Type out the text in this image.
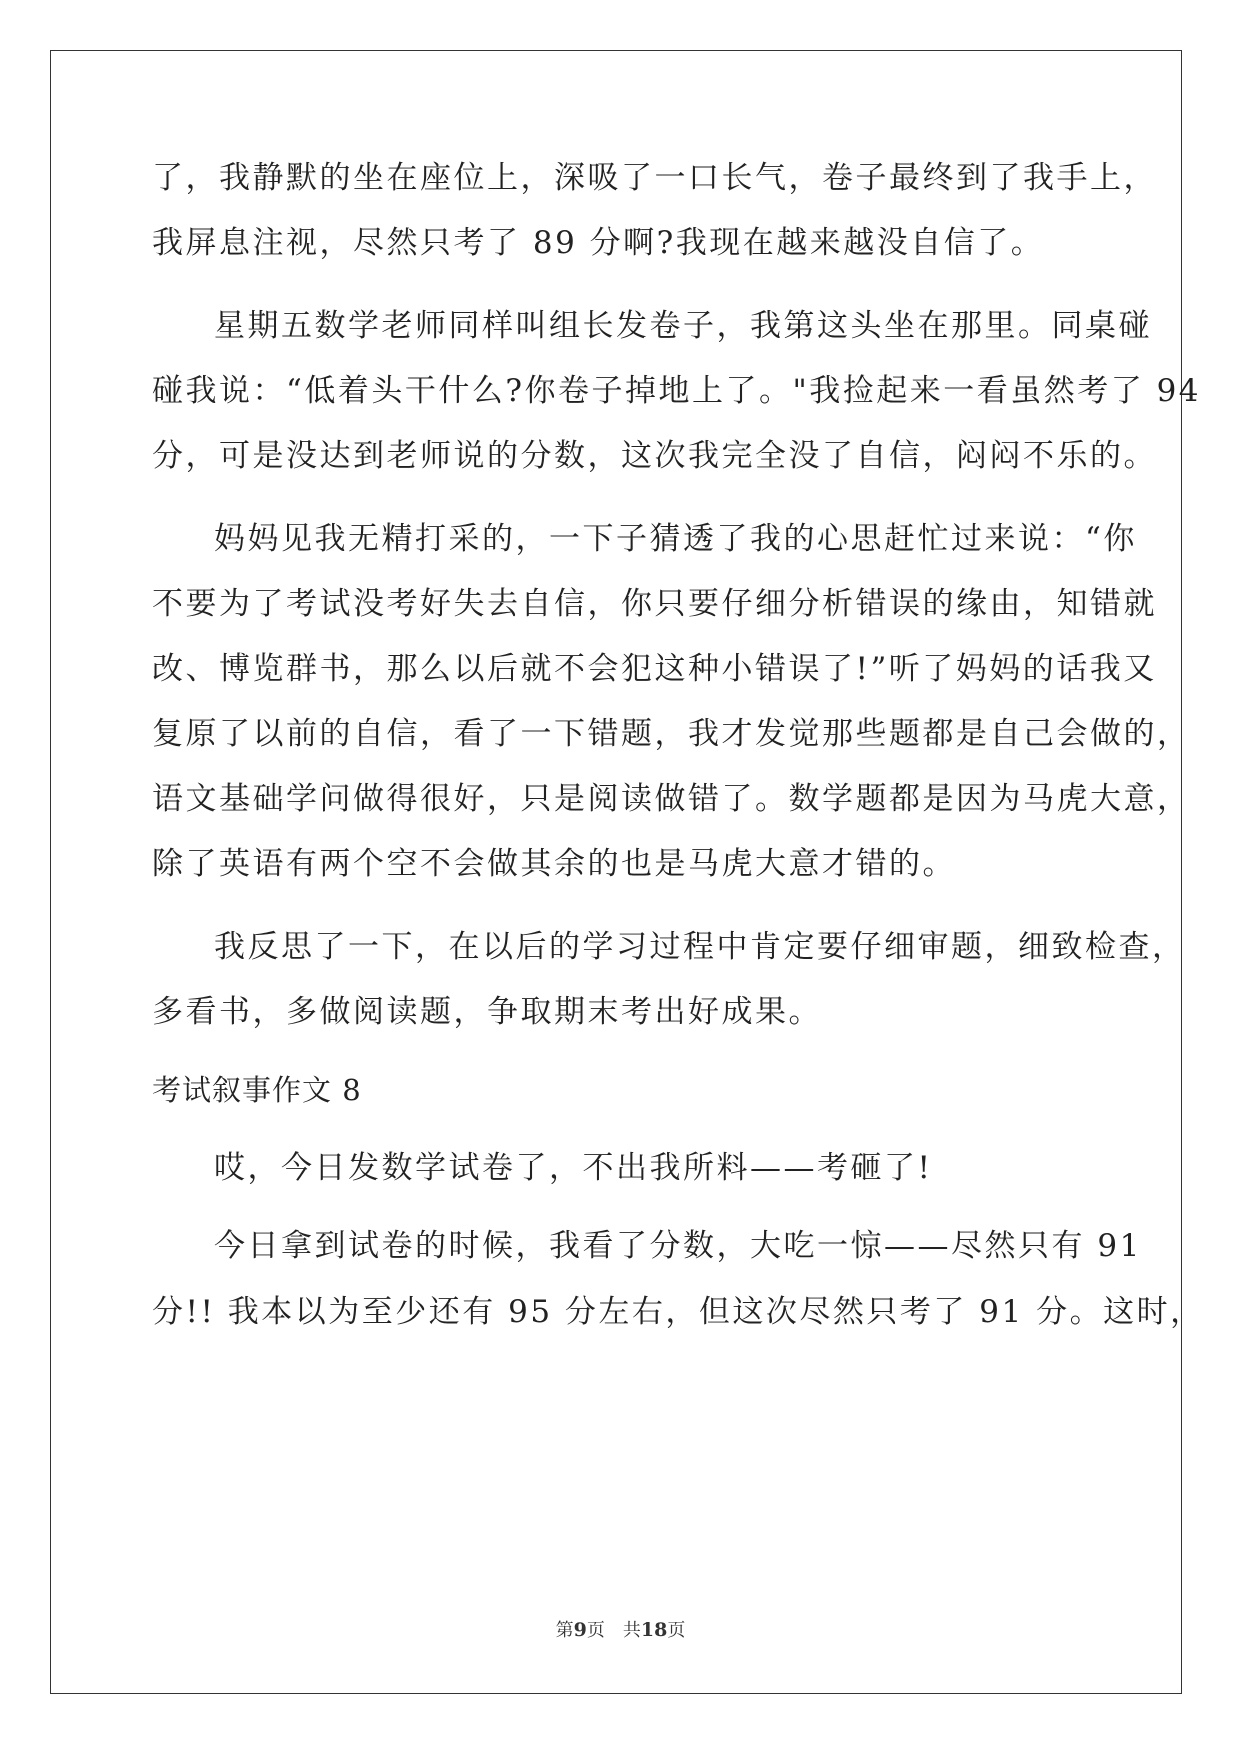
了，我静默的坐在座位上，深吸了一口长气，卷子最终到了我手上，
我屏息注视，尽然只考了 89 分啊?我现在越来越没自信了。
星期五数学老师同样叫组长发卷子，我第这头坐在那里。同桌碰
碰我说：“低着头干什么?你卷子掉地上了。"我捡起来一看虽然考了 94
分，可是没达到老师说的分数，这次我完全没了自信，闷闷不乐的。
妈妈见我无精打采的，一下子猜透了我的心思赶忙过来说：“你
不要为了考试没考好失去自信，你只要仔细分析错误的缘由，知错就
改、博览群书，那么以后就不会犯这种小错误了!”听了妈妈的话我又
复原了以前的自信，看了一下错题，我才发觉那些题都是自己会做的，
语文基础学问做得很好，只是阅读做错了。数学题都是因为马虎大意，
除了英语有两个空不会做其余的也是马虎大意才错的。
我反思了一下，在以后的学习过程中肯定要仔细审题，细致检查，
多看书，多做阅读题，争取期末考出好成果。
考试叙事作文 8
哎，今日发数学试卷了，不出我所料——考砸了!
今日拿到试卷的时候，我看了分数，大吃一惊——尽然只有 91
分!! 我本以为至少还有 95 分左右，但这次尽然只考了 91 分。这时，
第9页 共18页
